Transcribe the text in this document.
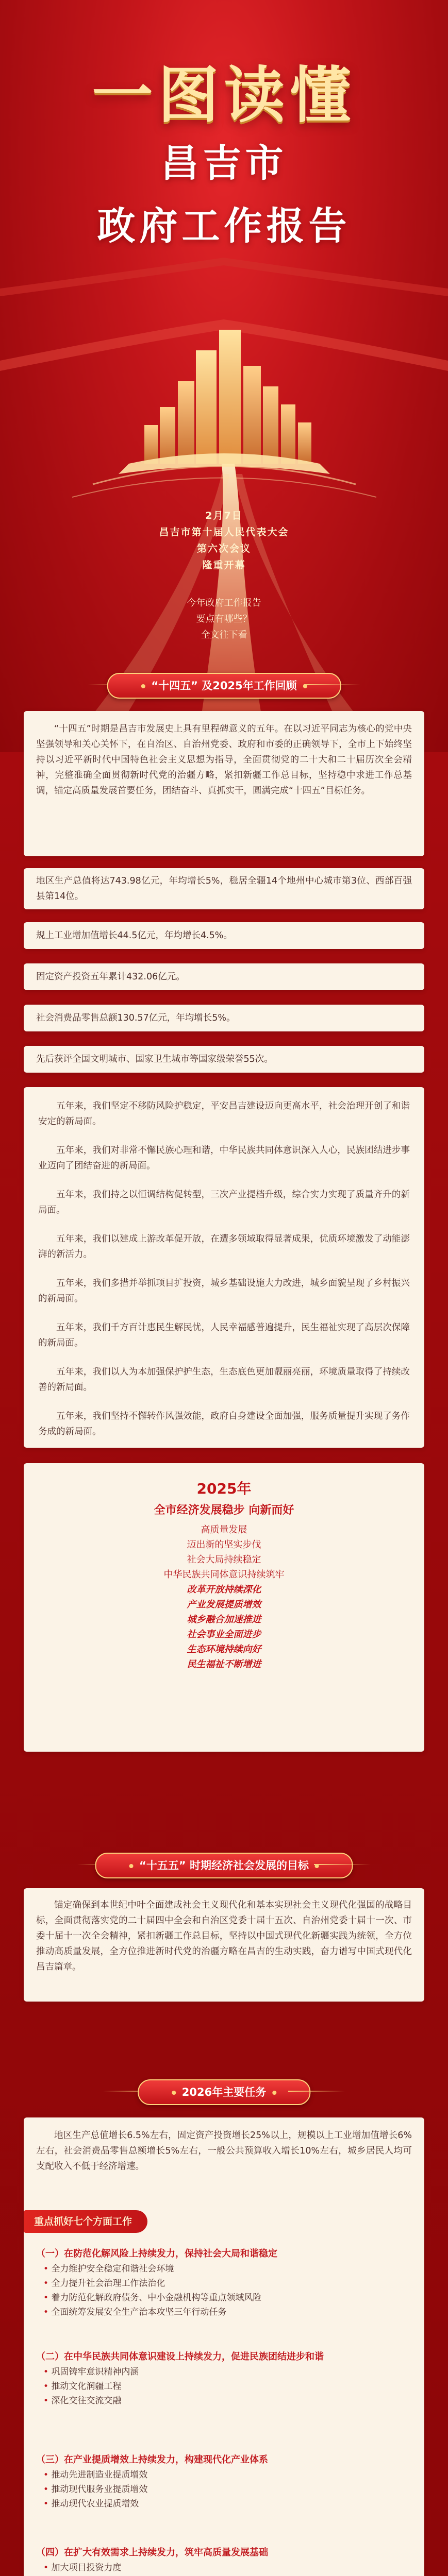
一图读懂
昌吉市
政府工作报告
2月7日
昌吉市第十届人民代表大会
第六次会议
隆重开幕
今年政府工作报告
要点有哪些？
全文往下看
“十四五” 及2025年工作回顾

“十四五”时期是昌吉市发展史上具有里程碑意义的五年。在以习近平同志为核心的党中央坚强领导和关心关怀下，在自治区、自治州党委、政府和市委的正确领导下，全市上下始终坚持以习近平新时代中国特色社会主义思想为指导，全面贯彻党的二十大和二十届历次全会精神，完整准确全面贯彻新时代党的治疆方略，紧扣新疆工作总目标，坚持稳中求进工作总基调，锚定高质量发展首要任务，团结奋斗、真抓实干，圆满完成“十四五”目标任务。

地区生产总值将达743.98亿元，年均增长5%，稳居全疆14个地州中心城市第3位、西部百强县第14位。

规上工业增加值增长44.5亿元，年均增长4.5%。

固定资产投资五年累计432.06亿元。

社会消费品零售总额130.57亿元，年均增长5%。

先后获评全国文明城市、国家卫生城市等国家级荣誉55次。

五年来，我们坚定不移防风险护稳定，平安昌吉建设迈向更高水平，社会治理开创了和谐安定的新局面。

五年来，我们对非常不懈民族心理和谐，中华民族共同体意识深入人心，民族团结进步事业迈向了团结奋进的新局面。

五年来，我们持之以恒调结构促转型，三次产业提档升级，综合实力实现了质量齐升的新局面。

五年来，我们以建成上游改革促开放，在遭多领域取得显著成果，优质环境激发了动能澎湃的新活力。

五年来，我们多措并举抓项目扩投资，城乡基础设施大力改进，城乡面貌呈现了乡村振兴的新局面。

五年来，我们千方百计惠民生解民忧，人民幸福感普遍提升，民生福祉实现了高层次保障的新局面。

五年来，我们以人为本加强保护护生态，生态底色更加靓丽亮丽，环境质量取得了持续改善的新局面。

五年来，我们坚持不懈转作风强效能，政府自身建设全面加强，服务质量提升实现了务作务成的新局面。

2025年
全市经济发展稳步 向新而好
高质量发展
迈出新的坚实步伐
社会大局持续稳定
中华民族共同体意识持续筑牢
改革开放持续深化
产业发展提质增效
城乡融合加速推进
社会事业全面进步
生态环境持续向好
民生福祉不断增进
“十五五” 时期经济社会发展的目标

锚定确保到本世纪中叶全面建成社会主义现代化和基本实现社会主义现代化强国的战略目标，全面贯彻落实党的二十届四中全会和自治区党委十届十五次、自治州党委十届十一次、市委十届十一次全会精神，紧扣新疆工作总目标，坚持以中国式现代化新疆实践为统领，全方位推动高质量发展，全方位推进新时代党的治疆方略在昌吉的生动实践，奋力谱写中国式现代化昌吉篇章。

2026年主要任务

地区生产总值增长6.5%左右，固定资产投资增长25%以上，规模以上工业增加值增长6%左右，社会消费品零售总额增长5%左右，一般公共预算收入增长10%左右，城乡居民人均可支配收入不低于经济增速。

重点抓好七个方面工作
（一）在防范化解风险上持续发力，保持社会大局和谐稳定
• 全力维护安全稳定和谐社会环境
• 全力提升社会治理工作法治化
• 着力防范化解政府债务、中小金融机构等重点领域风险
• 全面统筹发展安全生产治本攻坚三年行动任务
（二）在中华民族共同体意识建设上持续发力，促进民族团结进步和谐
• 巩固铸牢意识精神内涵
• 推动文化润疆工程
• 深化交往交流交融
（三）在产业提质增效上持续发力，构建现代化产业体系
• 推动先进制造业提质增效
• 推动现代服务业提质增效
• 推动现代农业提质增效
（四）在扩大有效需求上持续发力，筑牢高质量发展基础
• 加大项目投资力度
•
